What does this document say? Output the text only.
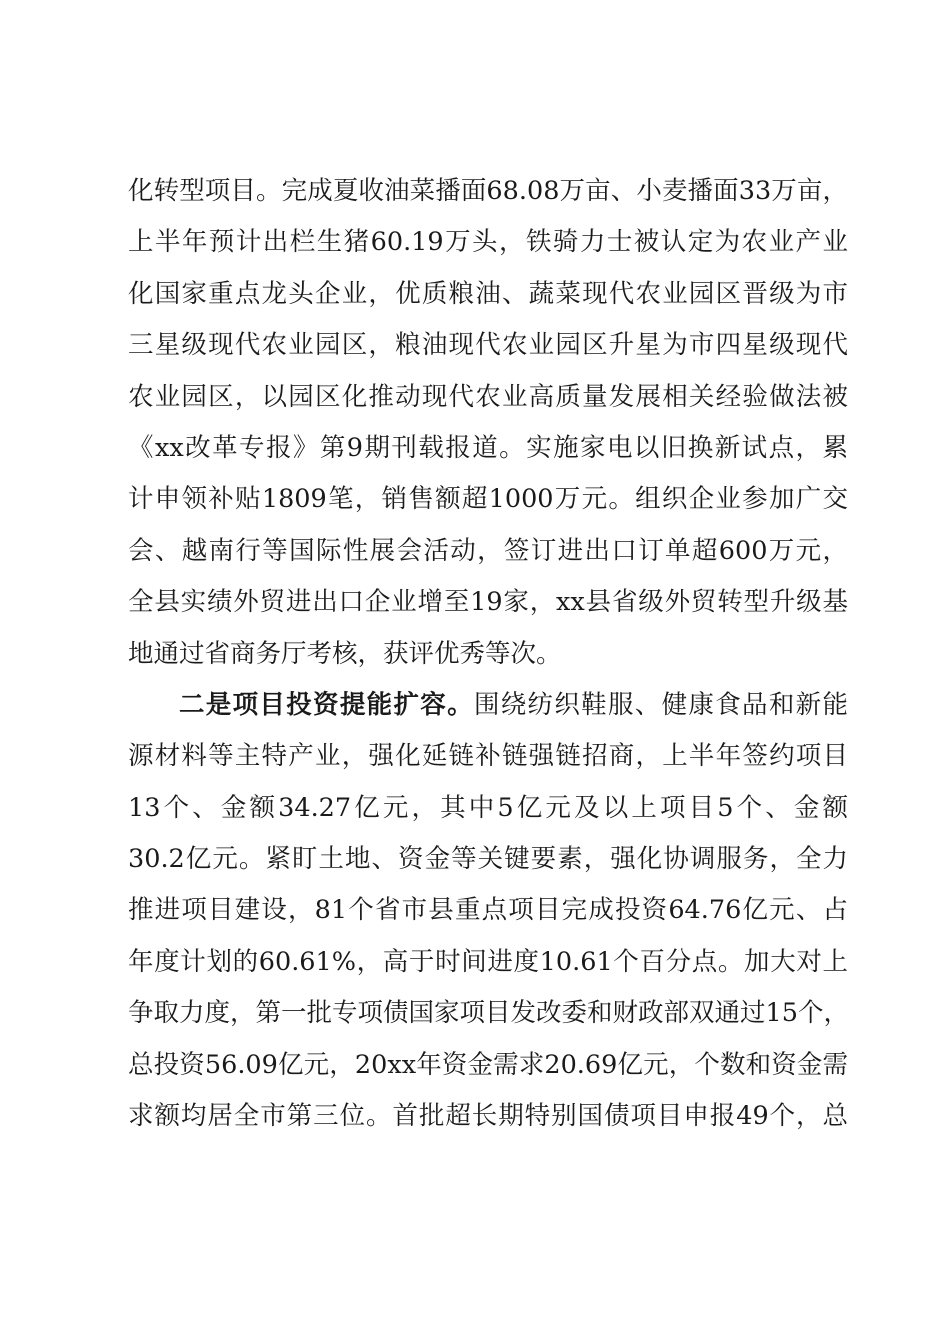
化转型项目。完成夏收油菜播面68.08万亩、小麦播面33万亩，
上半年预计出栏生猪60.19万头，铁骑力士被认定为农业产业
化国家重点龙头企业，优质粮油、蔬菜现代农业园区晋级为市
三星级现代农业园区，粮油现代农业园区升星为市四星级现代
农业园区，以园区化推动现代农业高质量发展相关经验做法被
《xx改革专报》第9期刊载报道。实施家电以旧换新试点，累
计申领补贴1809笔，销售额超1000万元。组织企业参加广交
会、越南行等国际性展会活动，签订进出口订单超600万元，
全县实绩外贸进出口企业增至19家，xx县省级外贸转型升级基
地通过省商务厅考核，获评优秀等次。
二是项目投资提能扩容。围绕纺织鞋服、健康食品和新能
源材料等主特产业，强化延链补链强链招商，上半年签约项目
13个、金额34.27亿元，其中5亿元及以上项目5个、金额
30.2亿元。紧盯土地、资金等关键要素，强化协调服务，全力
推进项目建设，81个省市县重点项目完成投资64.76亿元、占
年度计划的60.61%，高于时间进度10.61个百分点。加大对上
争取力度，第一批专项债国家项目发改委和财政部双通过15个，
总投资56.09亿元，20xx年资金需求20.69亿元，个数和资金需
求额均居全市第三位。首批超长期特别国债项目申报49个，总
